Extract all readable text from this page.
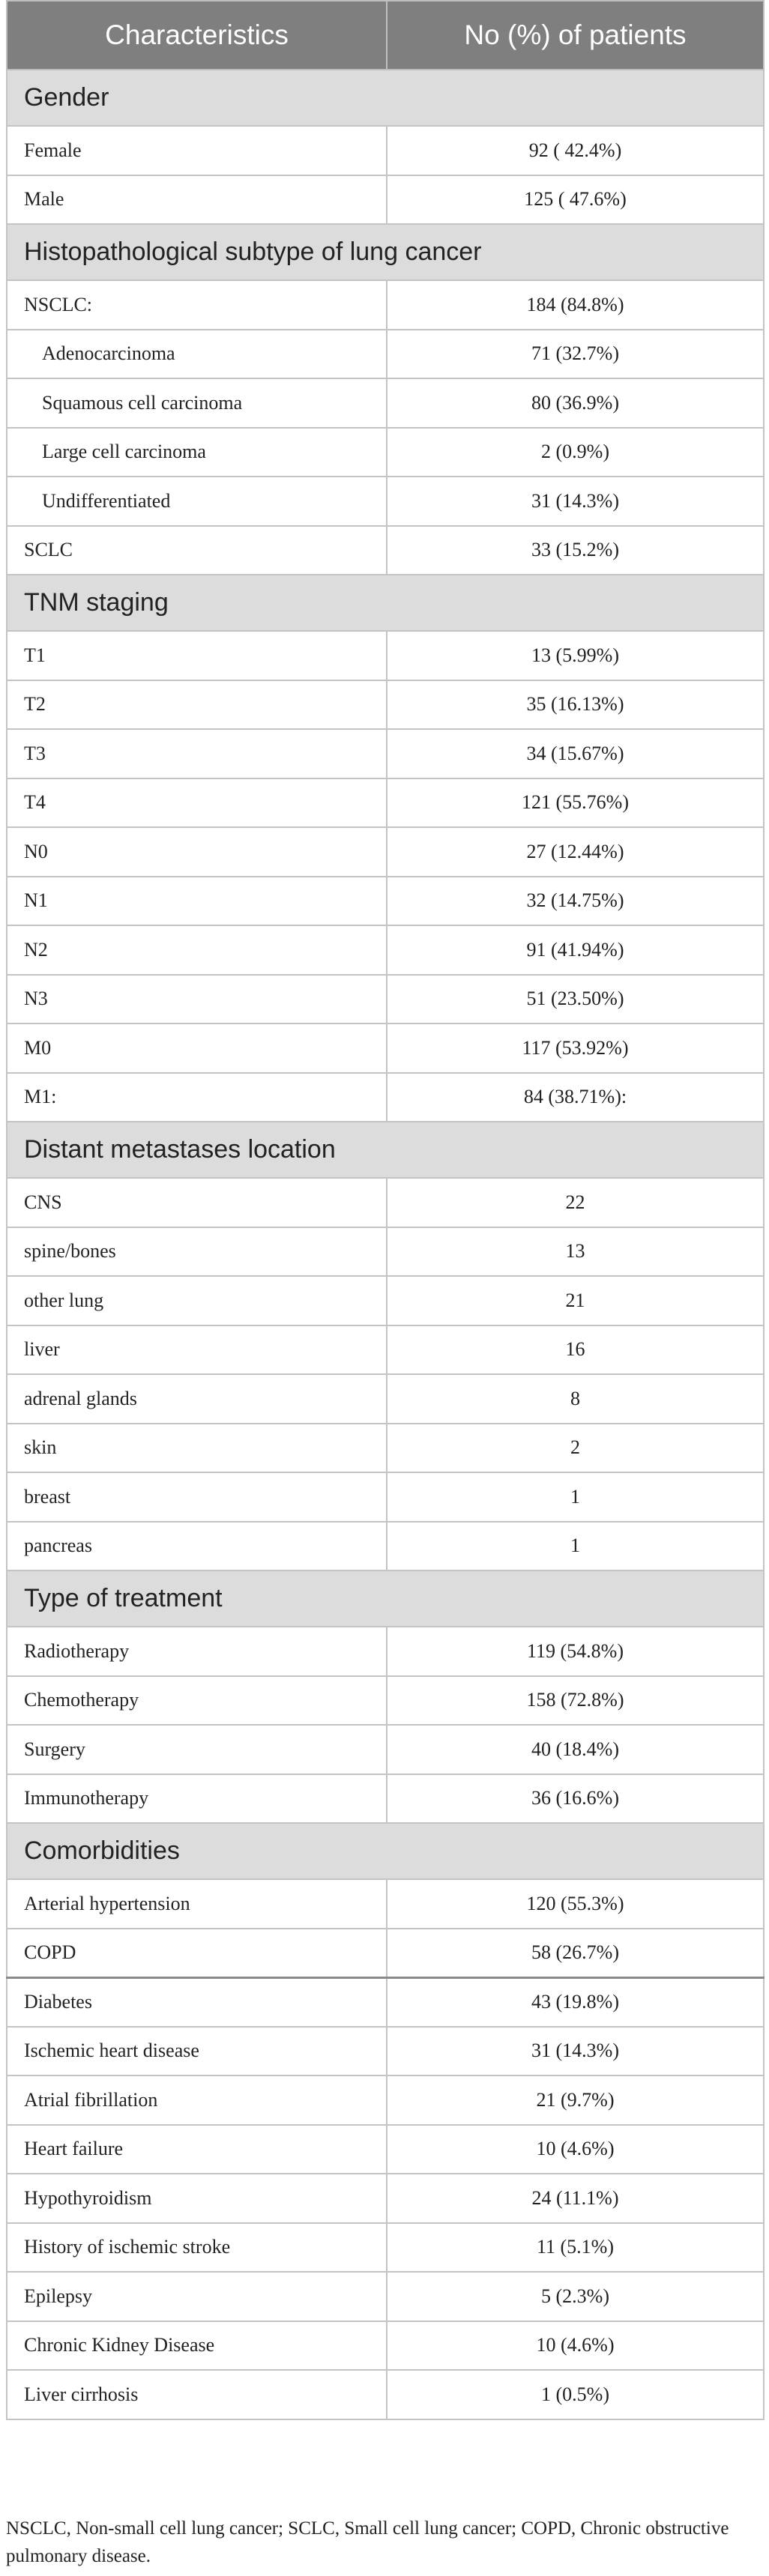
Characteristics	No (%) of patients
Gender	
Female	92 ( 42.4%)
Male	125 ( 47.6%)
Histopathological subtype of lung cancer	
NSCLC:	184 (84.8%)
Adenocarcinoma	71 (32.7%)
Squamous cell carcinoma	80 (36.9%)
Large cell carcinoma	2 (0.9%)
Undifferentiated	31 (14.3%)
SCLC	33 (15.2%)
TNM staging	
T1	13 (5.99%)
T2	35 (16.13%)
T3	34 (15.67%)
T4	121 (55.76%)
N0	27 (12.44%)
N1	32 (14.75%)
N2	91 (41.94%)
N3	51 (23.50%)
M0	117 (53.92%)
M1:	84 (38.71%):
Distant metastases location	
CNS	22
spine/bones	13
other lung	21
liver	16
adrenal glands	8
skin	2
breast	1
pancreas	1
Type of treatment	
Radiotherapy	119 (54.8%)
Chemotherapy	158 (72.8%)
Surgery	40 (18.4%)
Immunotherapy	36 (16.6%)
Comorbidities	
Arterial hypertension	120 (55.3%)
COPD	58 (26.7%)
Diabetes	43 (19.8%)
Ischemic heart disease	31 (14.3%)
Atrial fibrillation	21 (9.7%)
Heart failure	10 (4.6%)
Hypothyroidism	24 (11.1%)
History of ischemic stroke	11 (5.1%)
Epilepsy	5 (2.3%)
Chronic Kidney Disease	10 (4.6%)
Liver cirrhosis	1 (0.5%)
NSCLC, Non-small cell lung cancer; SCLC, Small cell lung cancer; COPD, Chronic obstructive pulmonary disease.
